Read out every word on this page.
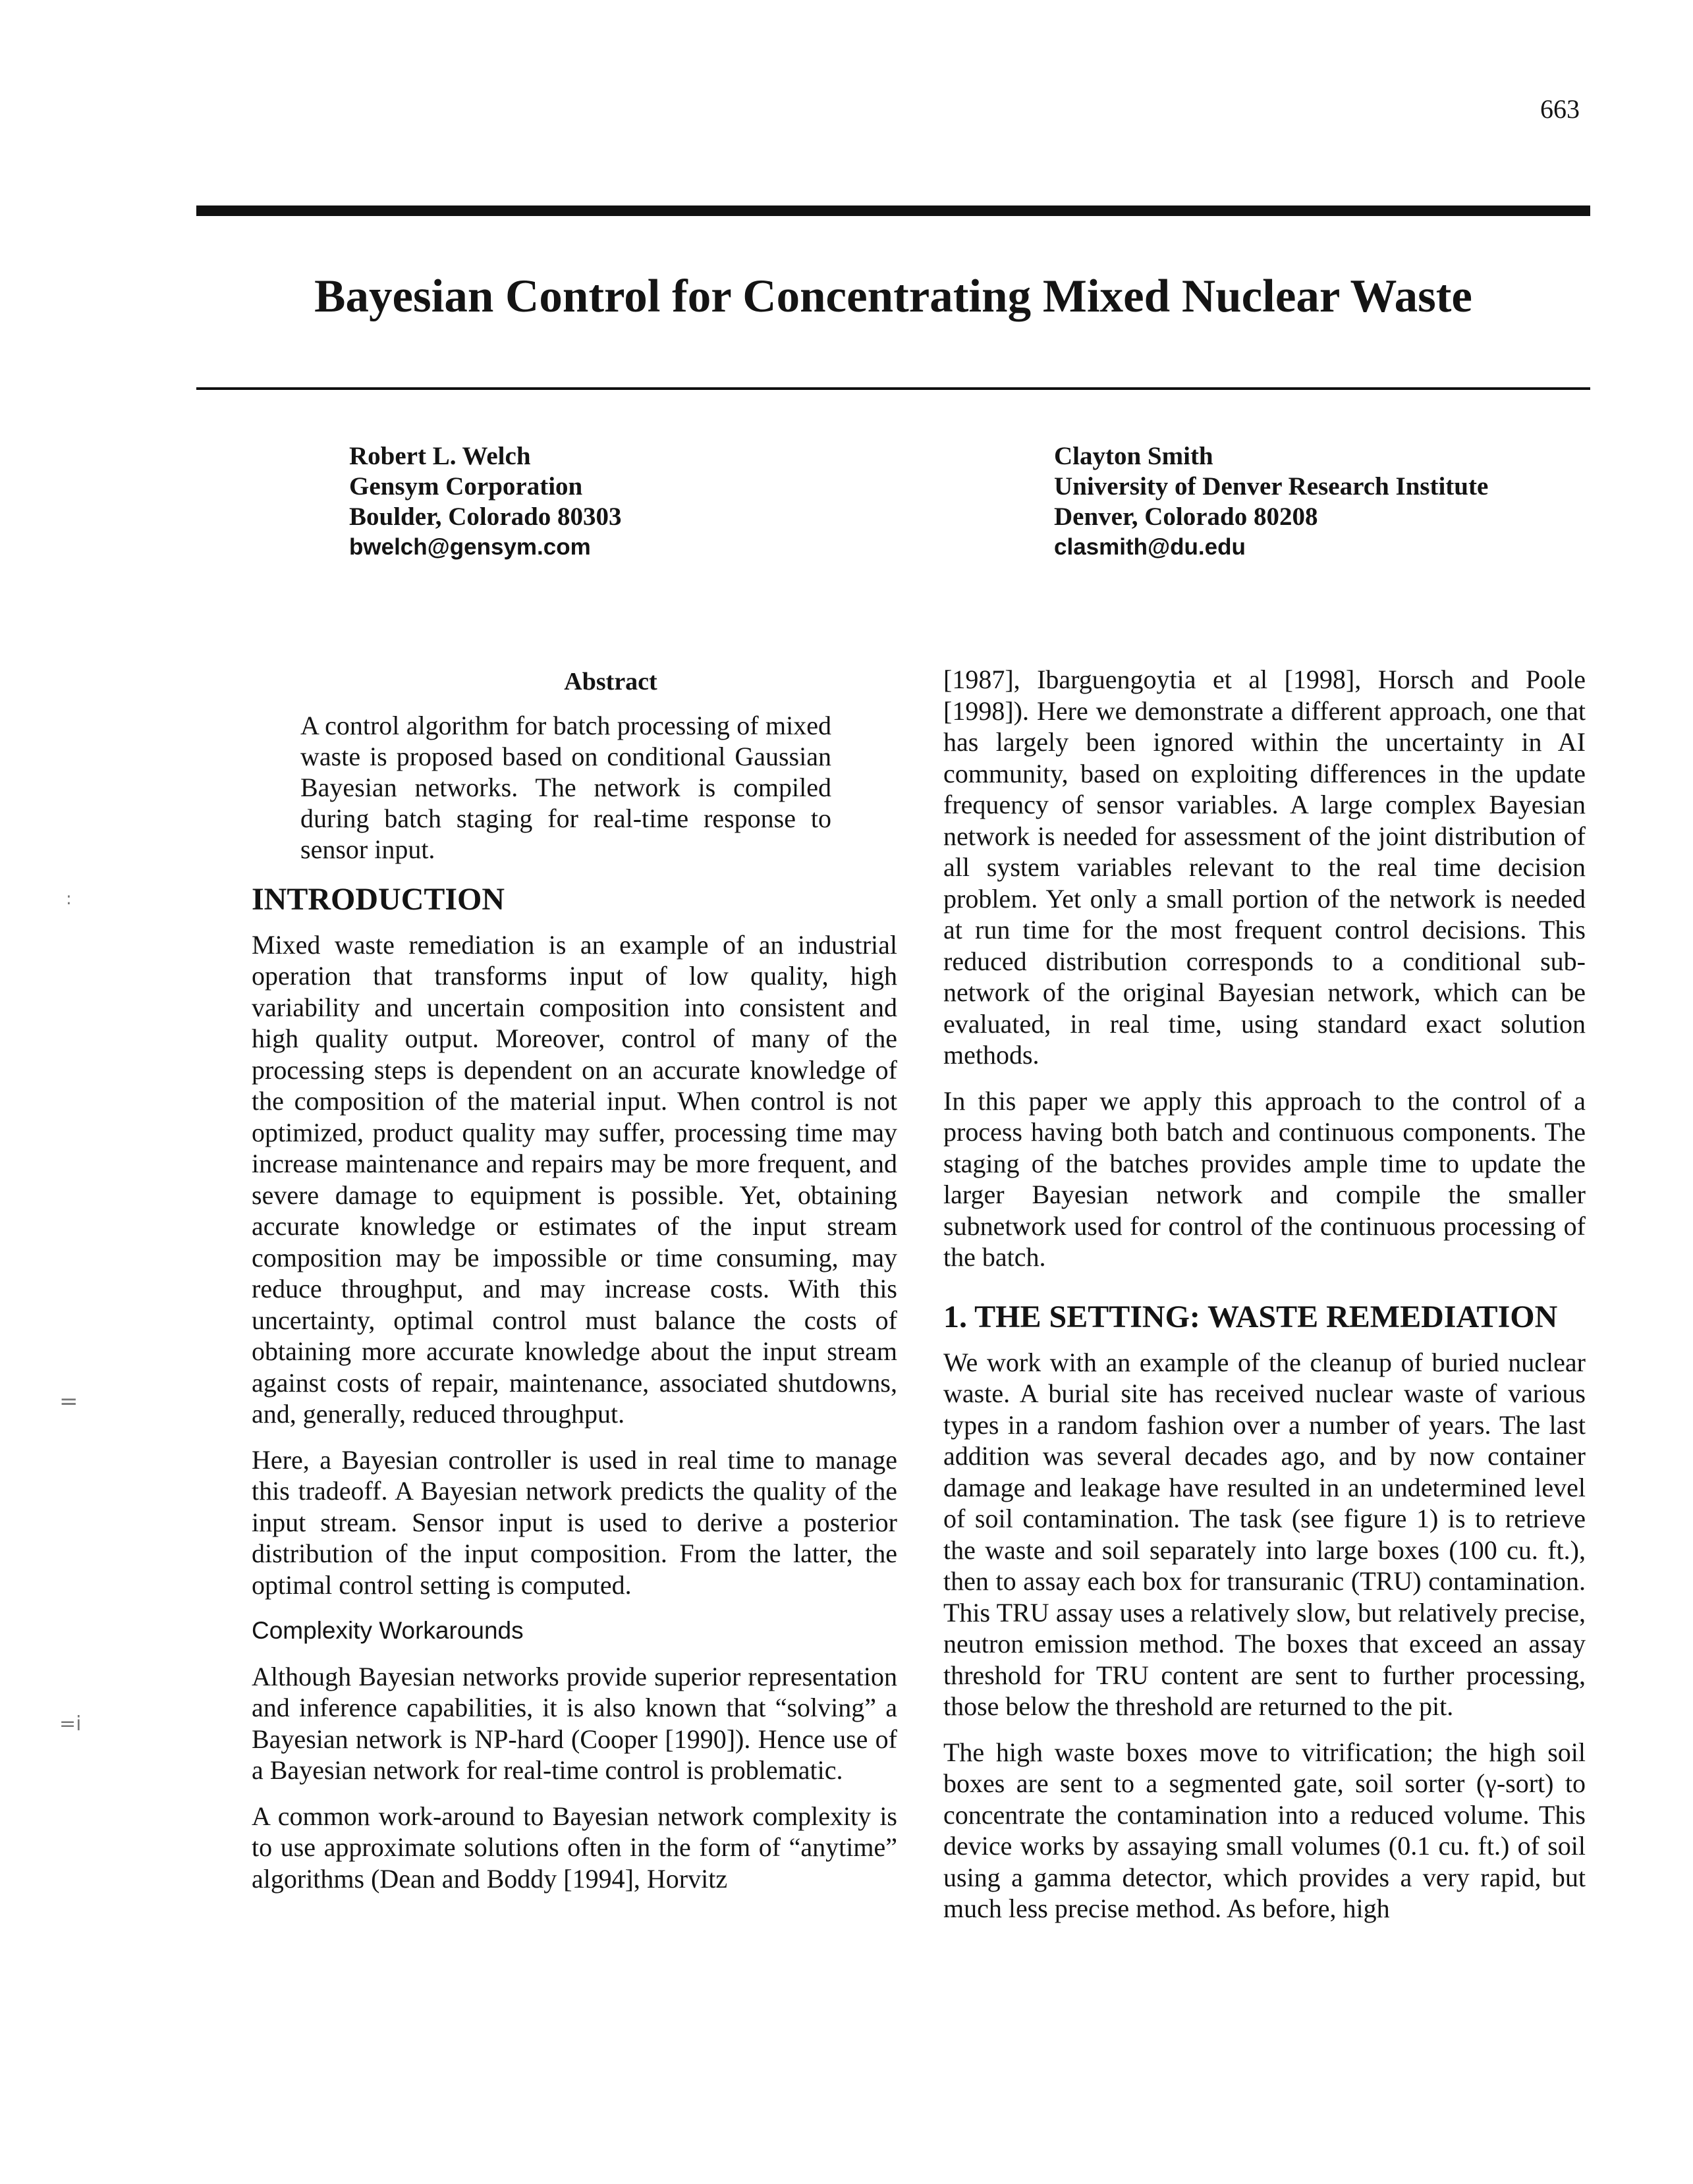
663
Bayesian Control for Concentrating Mixed Nuclear Waste
Robert L. Welch
Gensym Corporation
Boulder, Colorado 80303
bwelch@gensym.com
Clayton Smith
University of Denver Research Institute
Denver, Colorado 80208
clasmith@du.edu
Abstract
A control algorithm for batch processing of mixed waste is proposed based on conditional Gaussian Bayesian networks. The network is compiled during batch staging for real-time response to sensor input.
INTRODUCTION

Mixed waste remediation is an example of an industrial operation that transforms input of low quality, high variability and uncertain composition into consistent and high quality output. Moreover, control of many of the processing steps is dependent on an accurate knowledge of the composition of the material input. When control is not optimized, product quality may suffer, processing time may increase maintenance and repairs may be more frequent, and severe damage to equipment is possible. Yet, obtaining accurate knowledge or estimates of the input stream composition may be impossible or time consuming, may reduce throughput, and may increase costs. With this uncertainty, optimal control must balance the costs of obtaining more accurate knowledge about the input stream against costs of repair, maintenance, associated shutdowns, and, generally, reduced throughput.

Here, a Bayesian controller is used in real time to manage this tradeoff. A Bayesian network predicts the quality of the input stream. Sensor input is used to derive a posterior distribution of the input composition. From the latter, the optimal control setting is computed.

Complexity Workarounds

Although Bayesian networks provide superior representation and inference capabilities, it is also known that “solving” a Bayesian network is NP-hard (Cooper [1990]). Hence use of a Bayesian network for real-time control is problematic.

A common work-around to Bayesian network complexity is to use approximate solutions often in the form of “anytime” algorithms (Dean and Boddy [1994], Horvitz

[1987], Ibarguengoytia et al [1998], Horsch and Poole [1998]). Here we demonstrate a different approach, one that has largely been ignored within the uncertainty in AI community, based on exploiting differences in the update frequency of sensor variables. A large complex Bayesian network is needed for assessment of the joint distribution of all system variables relevant to the real time decision problem. Yet only a small portion of the network is needed at run time for the most frequent control decisions. This reduced distribution corresponds to a conditional sub-network of the original Bayesian network, which can be evaluated, in real time, using standard exact solution methods.

In this paper we apply this approach to the control of a process having both batch and continuous components. The staging of the batches provides ample time to update the larger Bayesian network and compile the smaller subnetwork used for control of the continuous processing of the batch.

1. THE SETTING: WASTE REMEDIATION

We work with an example of the cleanup of buried nuclear waste. A burial site has received nuclear waste of various types in a random fashion over a number of years. The last addition was several decades ago, and by now container damage and leakage have resulted in an undetermined level of soil contamination. The task (see figure 1) is to retrieve the waste and soil separately into large boxes (100 cu. ft.), then to assay each box for transuranic (TRU) contamination. This TRU assay uses a relatively slow, but relatively precise, neutron emission method. The boxes that exceed an assay threshold for TRU content are sent to further processing, those below the threshold are returned to the pit.

The high waste boxes move to vitrification; the high soil boxes are sent to a segmented gate, soil sorter (γ-sort) to concentrate the contamination into a reduced volume. This device works by assaying small volumes (0.1 cu. ft.) of soil using a gamma detector, which provides a very rapid, but much less precise method. As before, high

:
=
=i
